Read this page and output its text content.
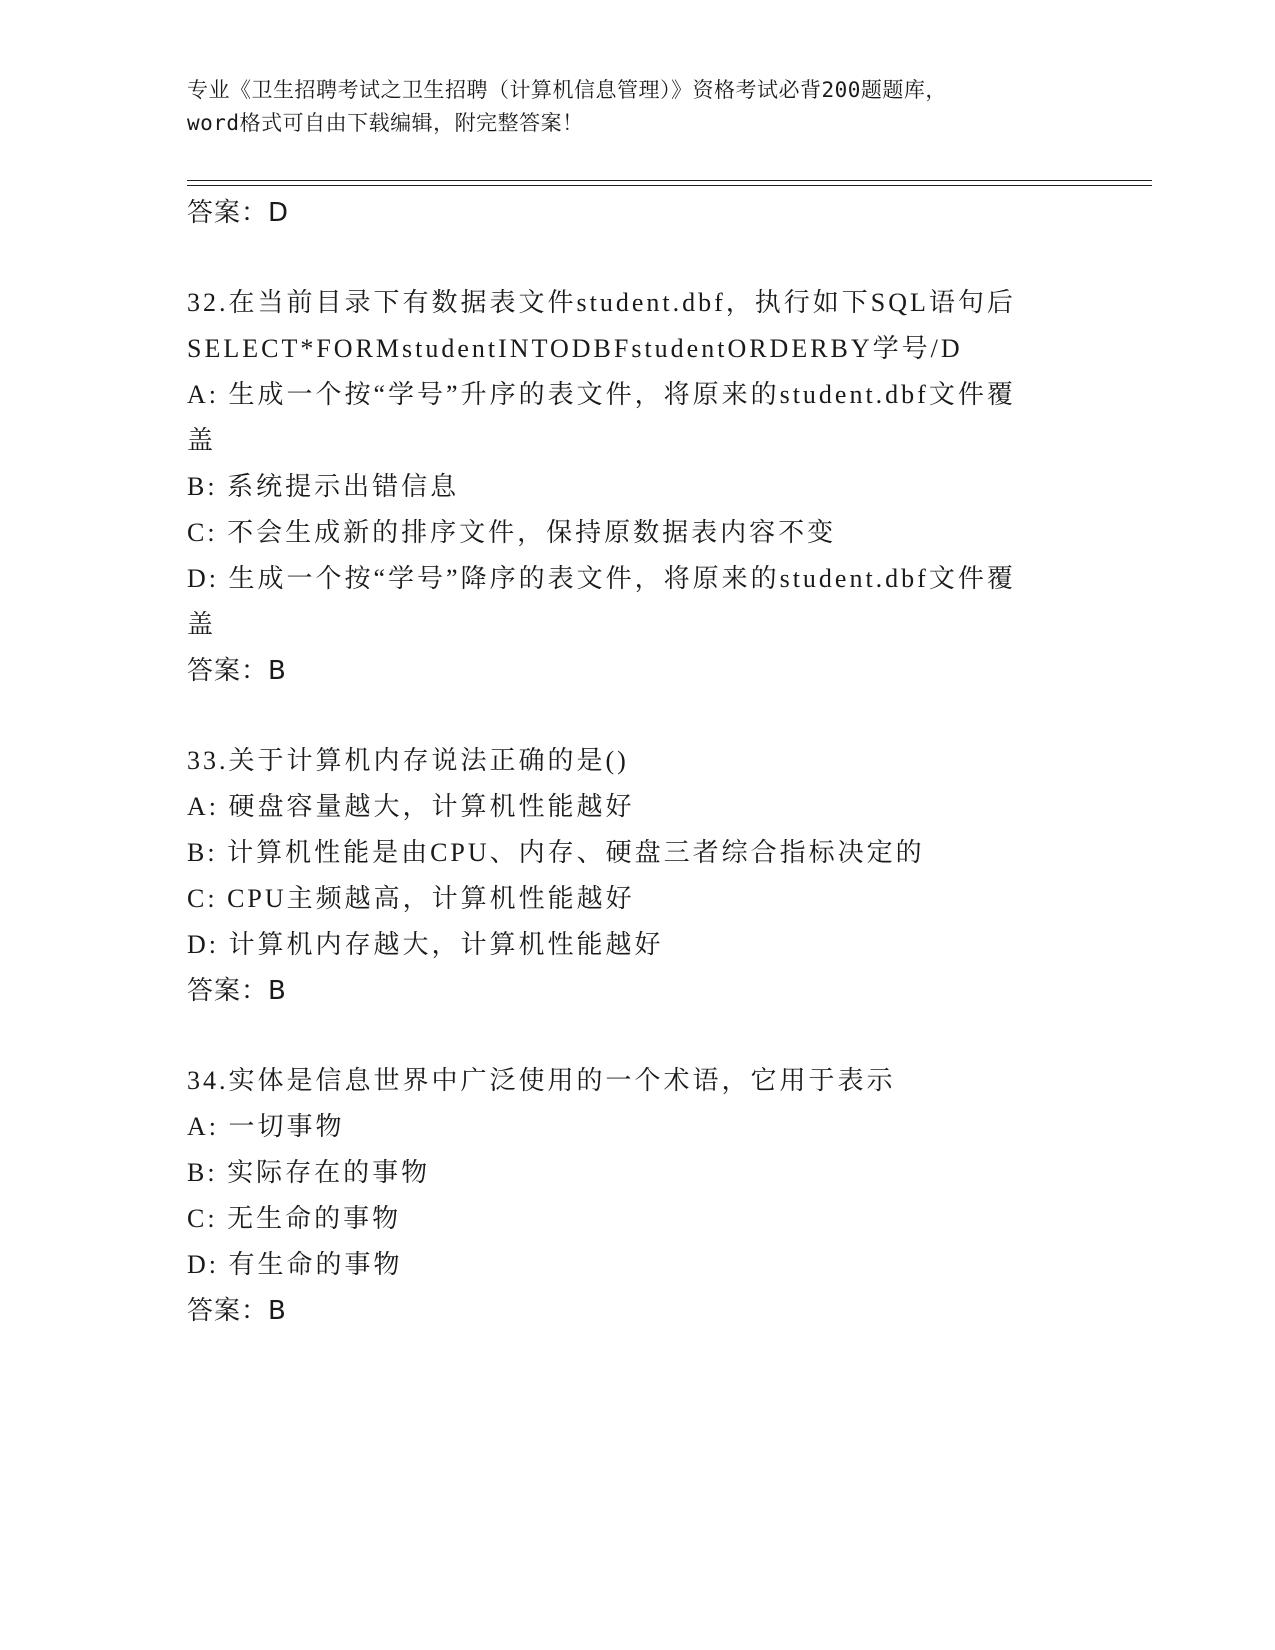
专业《卫生招聘考试之卫生招聘（计算机信息管理）》资格考试必背200题题库，
word格式可自由下载编辑，附完整答案！
答案：D
32.在当前目录下有数据表文件student.dbf，执行如下SQL语句后
SELECT*FORMstudentINTODBFstudentORDERBY学号/D
A: 生成一个按“学号”升序的表文件，将原来的student.dbf文件覆
盖
B: 系统提示出错信息
C: 不会生成新的排序文件，保持原数据表内容不变
D: 生成一个按“学号”降序的表文件，将原来的student.dbf文件覆
盖
答案：B
33.关于计算机内存说法正确的是()
A: 硬盘容量越大，计算机性能越好
B: 计算机性能是由CPU、内存、硬盘三者综合指标决定的
C: CPU主频越高，计算机性能越好
D: 计算机内存越大，计算机性能越好
答案：B
34.实体是信息世界中广泛使用的一个术语，它用于表示
A: 一切事物
B: 实际存在的事物
C: 无生命的事物
D: 有生命的事物
答案：B
